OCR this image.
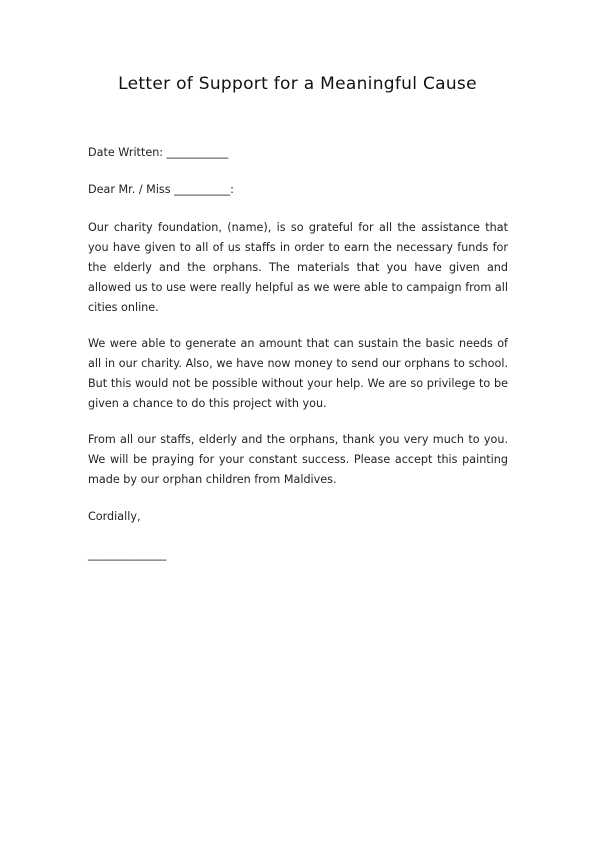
Letter of Support for a Meaningful Cause

Date Written: ___________

Dear Mr. / Miss __________:

Our charity foundation, (name), is so grateful for all the assistance that you have given to all of us staffs in order to earn the necessary funds for the elderly and the orphans. The materials that you have given and allowed us to use were really helpful as we were able to campaign from all cities online.

We were able to generate an amount that can sustain the basic needs of all in our charity. Also, we have now money to send our orphans to school. But this would not be possible without your help. We are so privilege to be given a chance to do this project with you.

From all our staffs, elderly and the orphans, thank you very much to you. We will be praying for your constant success. Please accept this painting made by our orphan children from Maldives.

Cordially,

______________
